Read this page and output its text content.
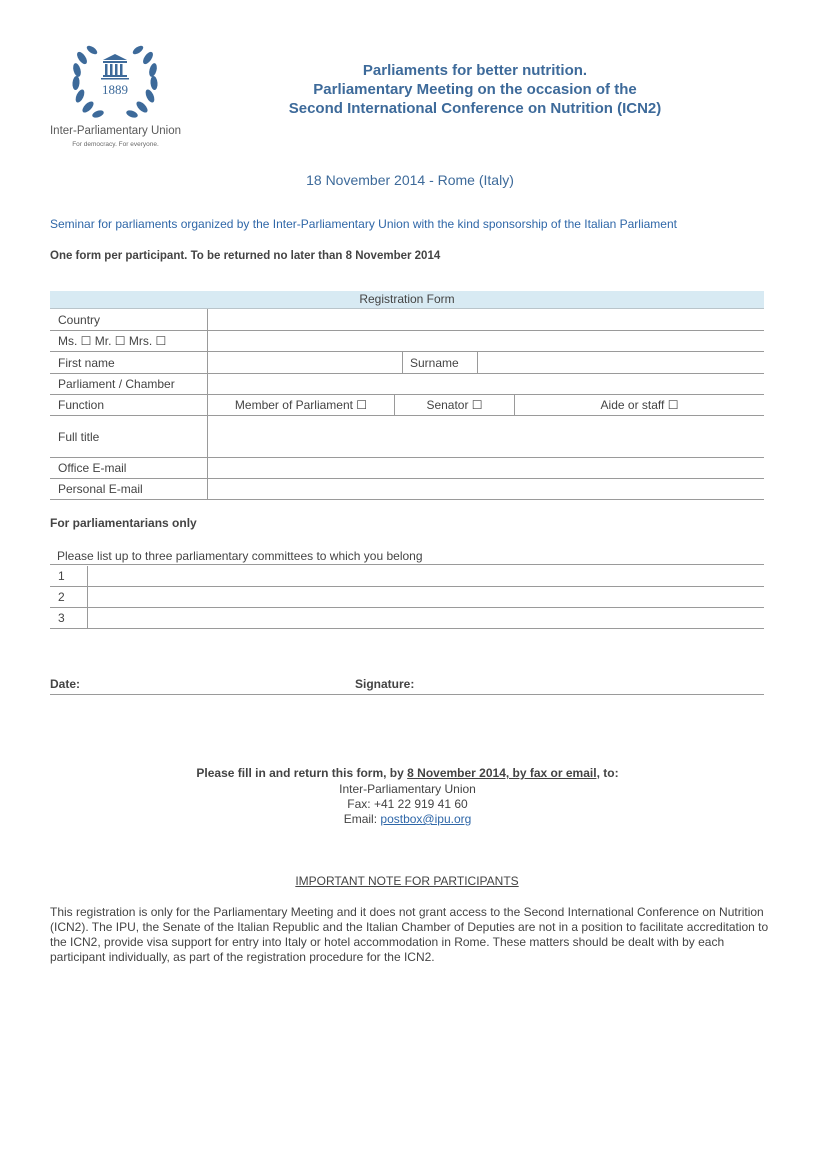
1889
Inter-Parliamentary Union
For democracy. For everyone.
Parliaments for better nutrition.
Parliamentary Meeting on the occasion of the
Second International Conference on Nutrition (ICN2)
18 November 2014 - Rome (Italy)
Seminar for parliaments organized by the Inter-Parliamentary Union with the kind sponsorship of the Italian Parliament
One form per participant. To be returned no later than 8 November 2014
Registration Form
Country
Ms. ☐ Mr. ☐ Mrs. ☐
First name	Surname
Parliament / Chamber
Function	Member of Parliament ☐	Senator ☐	Aide or staff ☐
Full title
Office E-mail
Personal E-mail
For parliamentarians only
Please list up to three parliamentary committees to which you belong
1
2
3
Date:	Signature:
Please fill in and return this form, by 8 November 2014, by fax or email, to:
Inter-Parliamentary Union
Fax: +41 22 919 41 60
Email: postbox@ipu.org
IMPORTANT NOTE FOR PARTICIPANTS
This registration is only for the Parliamentary Meeting and it does not grant access to the Second International Conference on Nutrition (ICN2). The IPU, the Senate of the Italian Republic and the Italian Chamber of Deputies are not in a position to facilitate accreditation to the ICN2, provide visa support for entry into Italy or hotel accommodation in Rome. These matters should be dealt with by each participant individually, as part of the registration procedure for the ICN2.
